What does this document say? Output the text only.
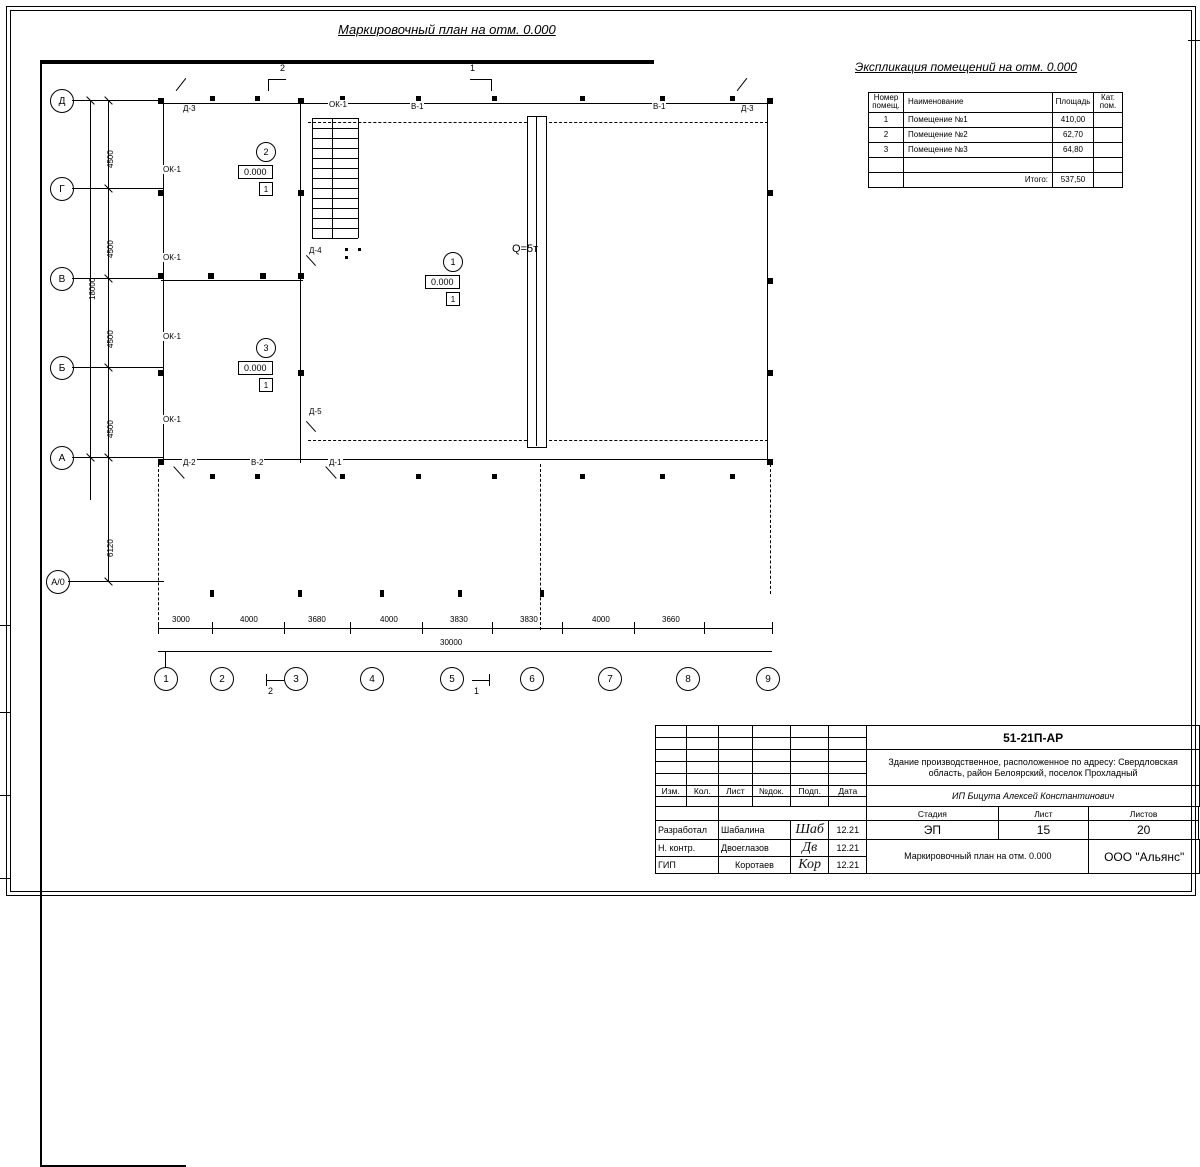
Маркировочный план на отм. 0.000
Экспликация помещений на отм. 0.000
Номер
помещ.	Наименование	Площадь	Кат.
пом.
1	Помещение №1	410,00	
2	Помещение №2	62,70	
3	Помещение №3	64,80	

	Итого:	537,50	
Д
Г
В
Б
А
А/0
4500
4500
4500
4500
6120
18000
Q=5т
ОК-1
ОК-1
ОК-1
ОК-1
ОК-1
Д-3	Д-3
Д-4
Д-5
Д-2	Д-1
В-1	В-1
В-2
2
0.000
1
3
0.000
1
1
0.000
1
2	1
3000	4000	3680	4000	3830	3830	4000	3660
30000
1	2	3	4	5	6	7	8	9
2	1
						51-21П-АР			

						Здание производственное, расположенное по адресу: Свердловская область, район Белоярский, поселок Прохладный			

Изм.	Кол.	Лист	№док.	Подп.	Дата	ИП Бицута Алексей Константинович			

						Стадия	Лист	Листов	
Разработал		Шабалина		Шаб	12.21	ЭП	15	20	
Н. контр.		Двоеглазов		Дв	12.21	Маркировочный план на отм. 0.000		ООО "Альянс"	
ГИП		Коротаев		Кор	12.21				
